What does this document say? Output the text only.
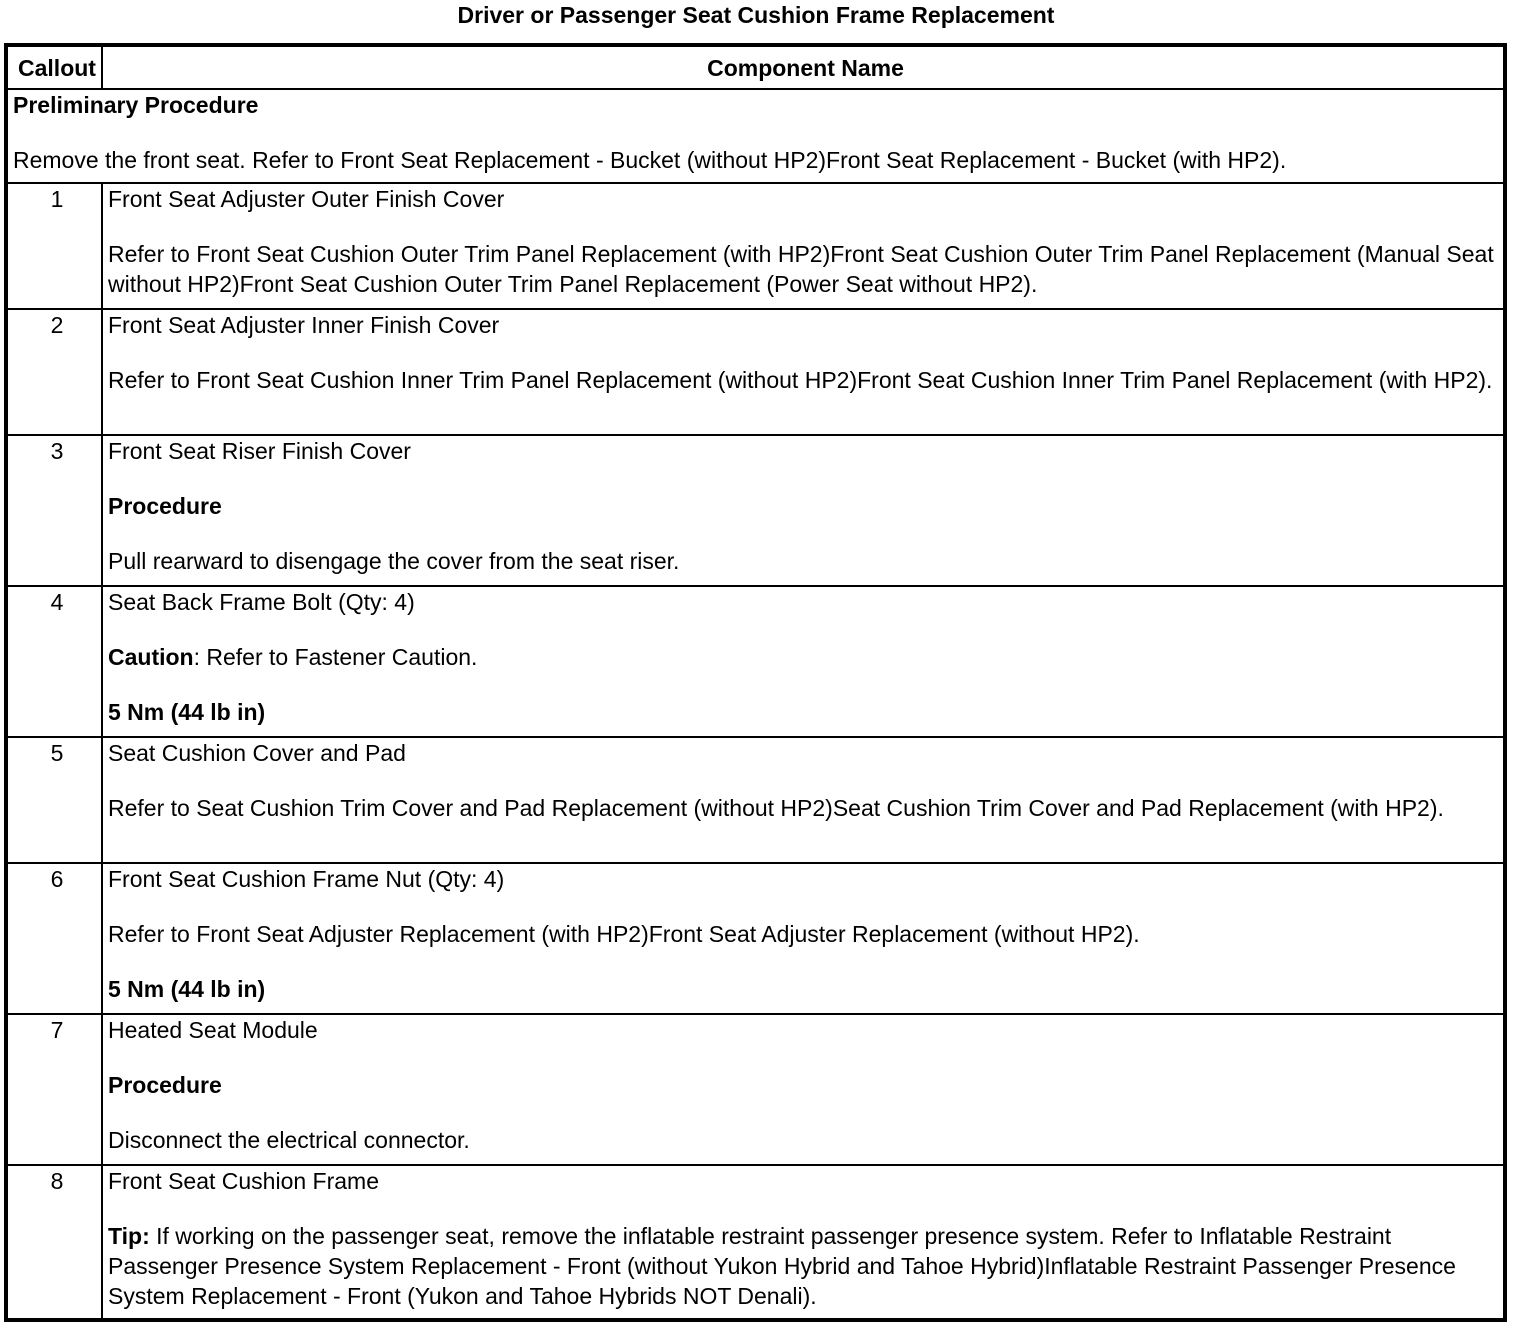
Driver or Passenger Seat Cushion Frame Replacement
Callout	Component Name

Preliminary Procedure

Remove the front seat. Refer to Front Seat Replacement - Bucket (without HP2)Front Seat Replacement - Bucket (with HP2).	

1	Front Seat Adjuster Outer Finish Cover

Refer to Front Seat Cushion Outer Trim Panel Replacement (with HP2)Front Seat Cushion Outer Trim Panel Replacement (Manual Seat without HP2)Front Seat Cushion Outer Trim Panel Replacement (Power Seat without HP2).

2	Front Seat Adjuster Inner Finish Cover

Refer to Front Seat Cushion Inner Trim Panel Replacement (without HP2)Front Seat Cushion Inner Trim Panel Replacement (with HP2).

3	Front Seat Riser Finish Cover

Procedure

Pull rearward to disengage the cover from the seat riser.

4	Seat Back Frame Bolt (Qty: 4)

Caution: Refer to Fastener Caution.

5 Nm (44 lb in)

5	Seat Cushion Cover and Pad

Refer to Seat Cushion Trim Cover and Pad Replacement (without HP2)Seat Cushion Trim Cover and Pad Replacement (with HP2).

6	Front Seat Cushion Frame Nut (Qty: 4)

Refer to Front Seat Adjuster Replacement (with HP2)Front Seat Adjuster Replacement (without HP2).

5 Nm (44 lb in)

7	Heated Seat Module

Procedure

Disconnect the electrical connector.

8	Front Seat Cushion Frame

Tip: If working on the passenger seat, remove the inflatable restraint passenger presence system. Refer to Inflatable Restraint Passenger Presence System Replacement - Front (without Yukon Hybrid and Tahoe Hybrid)Inflatable Restraint Passenger Presence System Replacement - Front (Yukon and Tahoe Hybrids NOT Denali).
